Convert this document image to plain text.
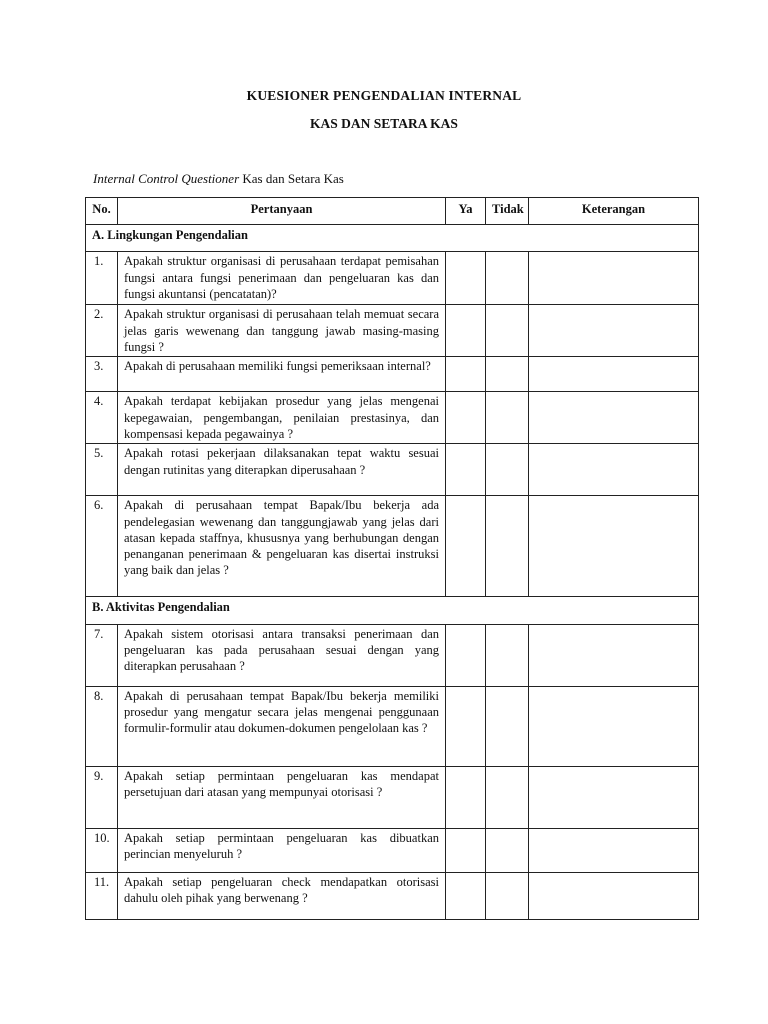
KUESIONER PENGENDALIAN INTERNAL
KAS DAN SETARA KAS
Internal Control Questioner Kas dan Setara Kas
No.	Pertanyaan	Ya	Tidak	Keterangan
A. Lingkungan Pengendalian				
1.	Apakah struktur organisasi di perusahaan terdapat pemisahan fungsi antara fungsi penerimaan dan pengeluaran kas dan fungsi akuntansi (pencatatan)?			
2.	Apakah struktur organisasi di perusahaan telah memuat secara jelas garis wewenang dan tanggung jawab masing-masing fungsi ?			
3.	Apakah di perusahaan memiliki fungsi pemeriksaan internal?			
4.	Apakah terdapat kebijakan prosedur yang jelas mengenai kepegawaian, pengembangan, penilaian prestasinya, dan kompensasi kepada pegawainya ?			
5.	Apakah rotasi pekerjaan dilaksanakan tepat waktu sesuai dengan rutinitas yang diterapkan diperusahaan ?			
6.	Apakah di perusahaan tempat Bapak/Ibu bekerja ada pendelegasian wewenang dan tanggungjawab yang jelas dari atasan kepada staffnya, khususnya yang berhubungan dengan penanganan penerimaan & pengeluaran kas disertai instruksi yang baik dan jelas ?			
B. Aktivitas Pengendalian				
7.	Apakah sistem otorisasi antara transaksi penerimaan dan pengeluaran kas pada perusahaan sesuai dengan yang diterapkan perusahaan ?			
8.	Apakah di perusahaan tempat Bapak/Ibu bekerja memiliki prosedur yang mengatur secara jelas mengenai penggunaan formulir-formulir atau dokumen-dokumen pengelolaan kas ?			
9.	Apakah setiap permintaan pengeluaran kas mendapat persetujuan dari atasan yang mempunyai otorisasi ?			
10.	Apakah setiap permintaan pengeluaran kas dibuatkan perincian menyeluruh ?			
11.	Apakah setiap pengeluaran check mendapatkan otorisasi dahulu oleh pihak yang berwenang ?			
